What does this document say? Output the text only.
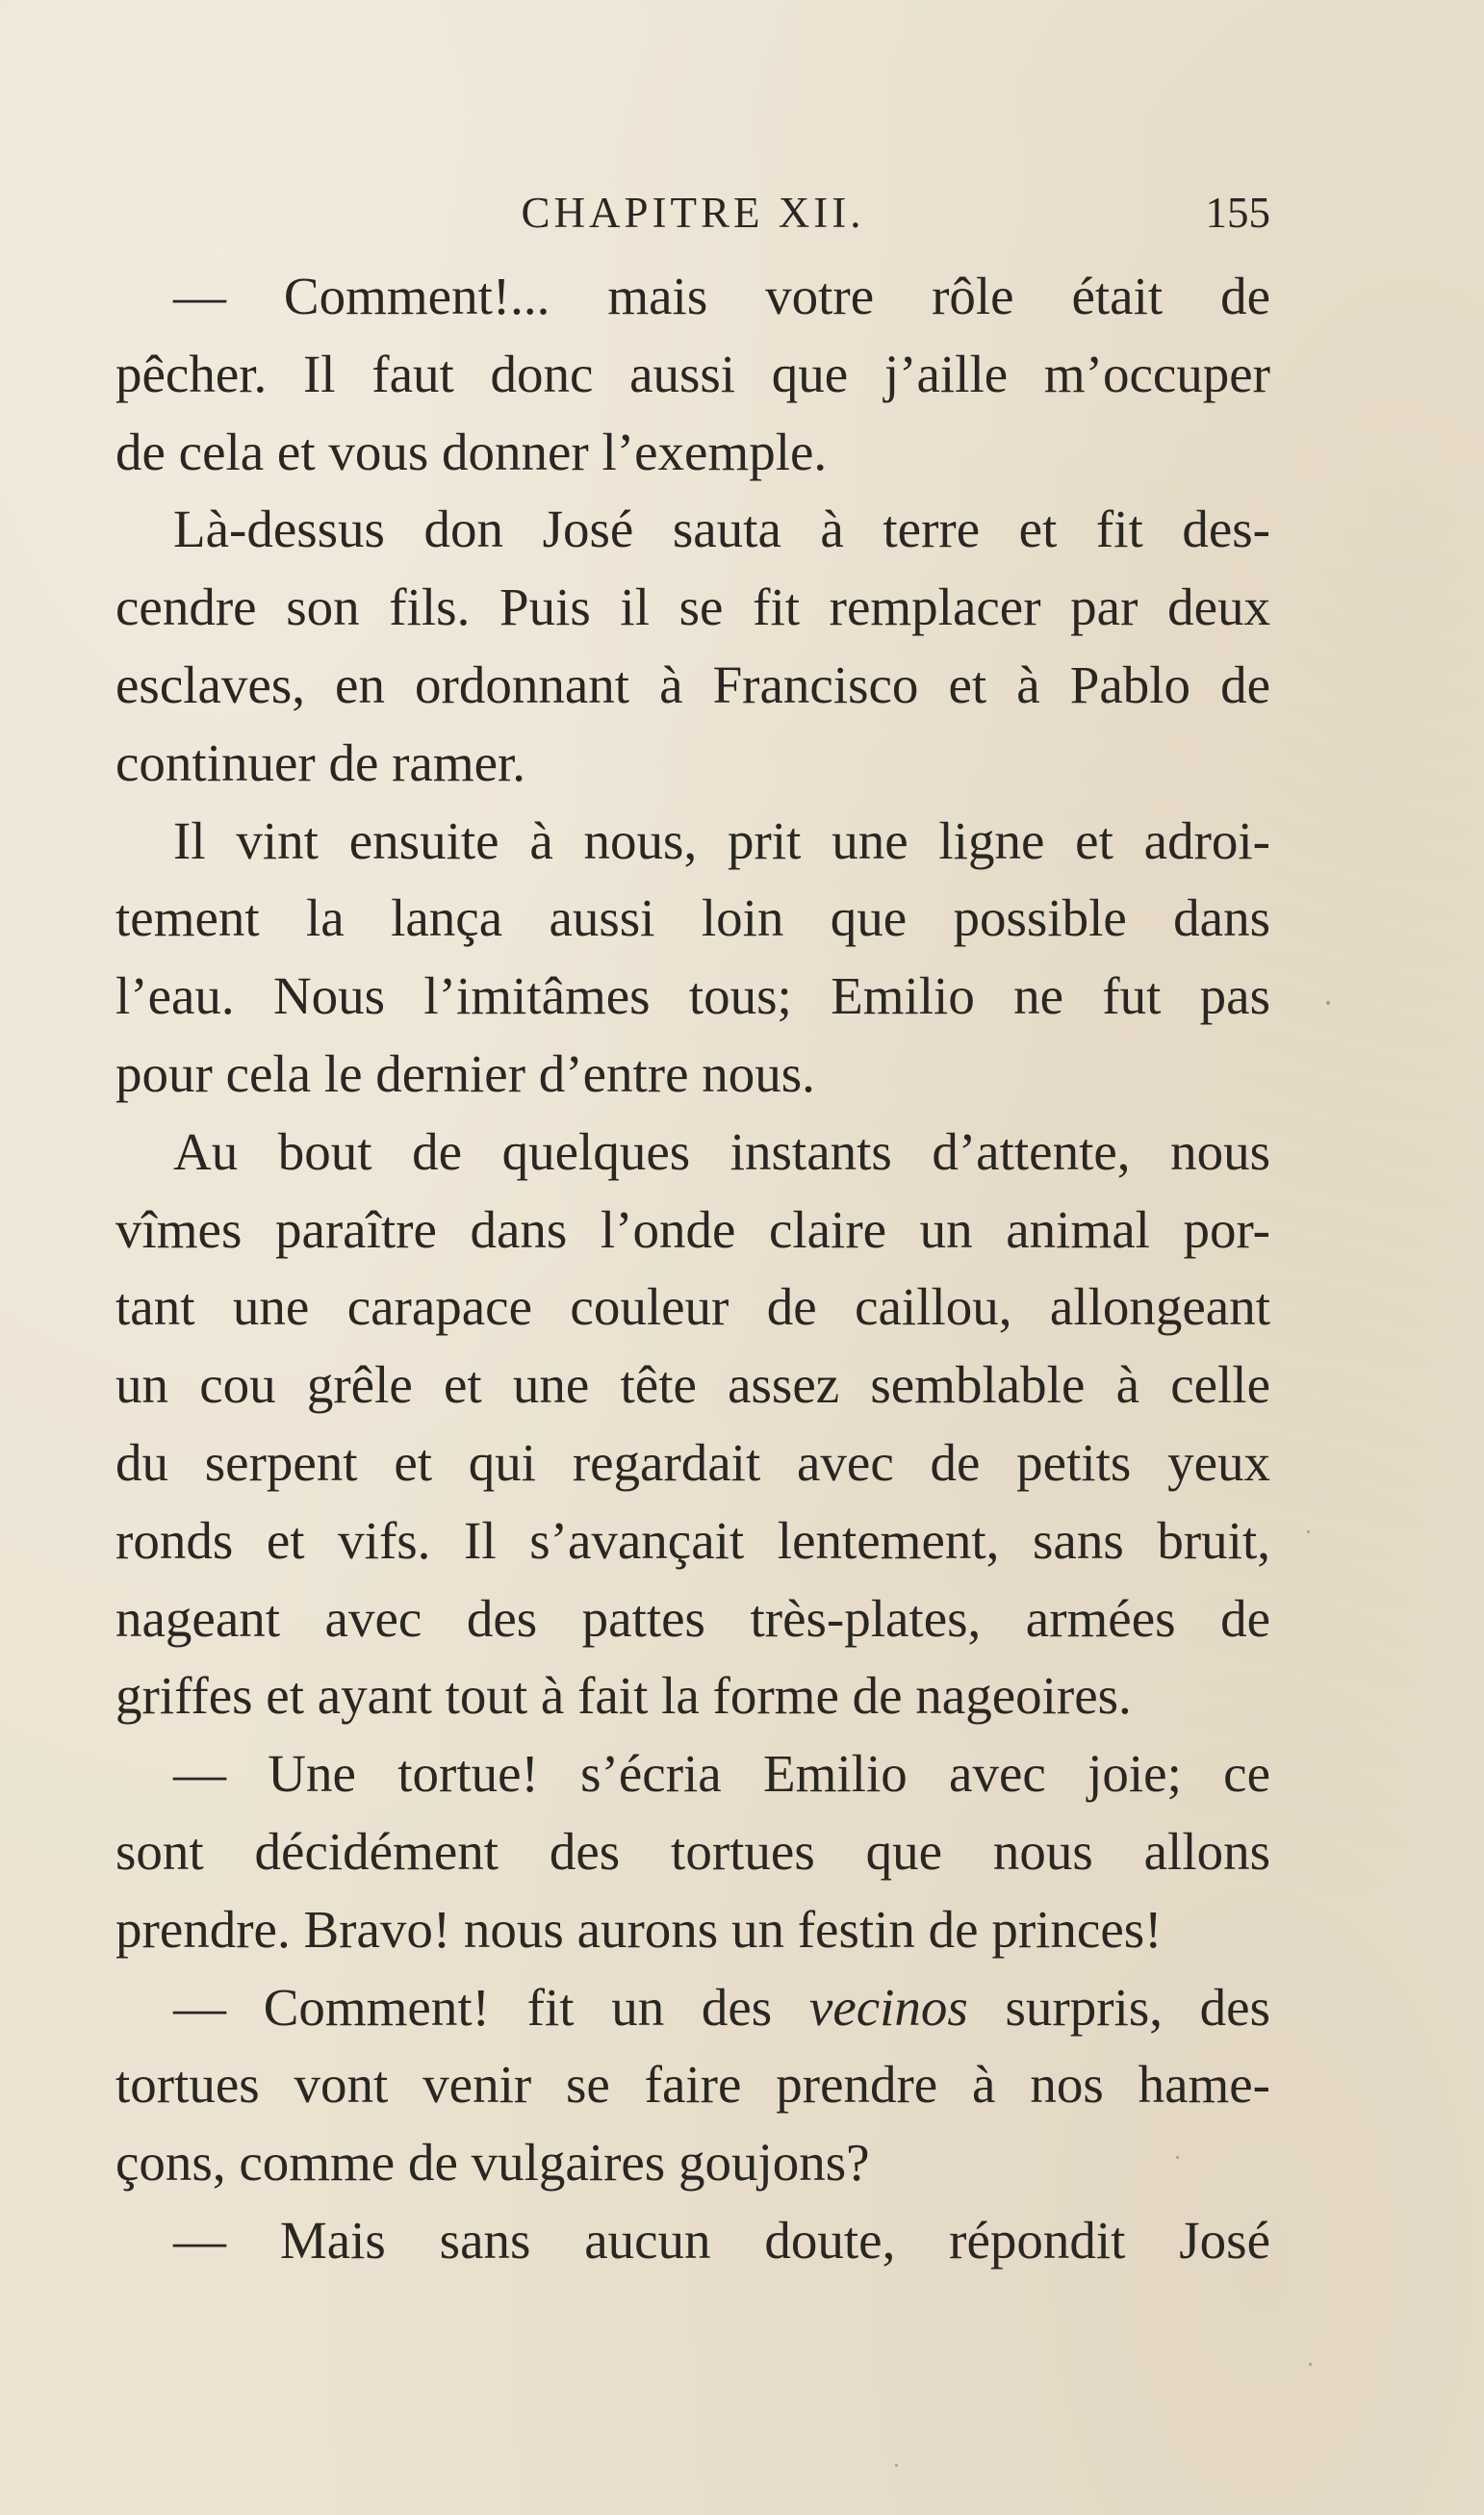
CHAPITRE XII.	155
— Comment!... mais votre rôle était de
pêcher. Il faut donc aussi que j’aille m’occuper
de cela et vous donner l’exemple.
Là-dessus don José sauta à terre et fit des-
cendre son fils. Puis il se fit remplacer par deux
esclaves, en ordonnant à Francisco et à Pablo de
continuer de ramer.
Il vint ensuite à nous, prit une ligne et adroi-
tement la lança aussi loin que possible dans
l’eau. Nous l’imitâmes tous; Emilio ne fut pas
pour cela le dernier d’entre nous.
Au bout de quelques instants d’attente, nous
vîmes paraître dans l’onde claire un animal por-
tant une carapace couleur de caillou, allongeant
un cou grêle et une tête assez semblable à celle
du serpent et qui regardait avec de petits yeux
ronds et vifs. Il s’avançait lentement, sans bruit,
nageant avec des pattes très-plates, armées de
griffes et ayant tout à fait la forme de nageoires.
— Une tortue! s’écria Emilio avec joie; ce
sont décidément des tortues que nous allons
prendre. Bravo! nous aurons un festin de princes!
— Comment! fit un des vecinos surpris, des
tortues vont venir se faire prendre à nos hame-
çons, comme de vulgaires goujons?
— Mais sans aucun doute, répondit José
